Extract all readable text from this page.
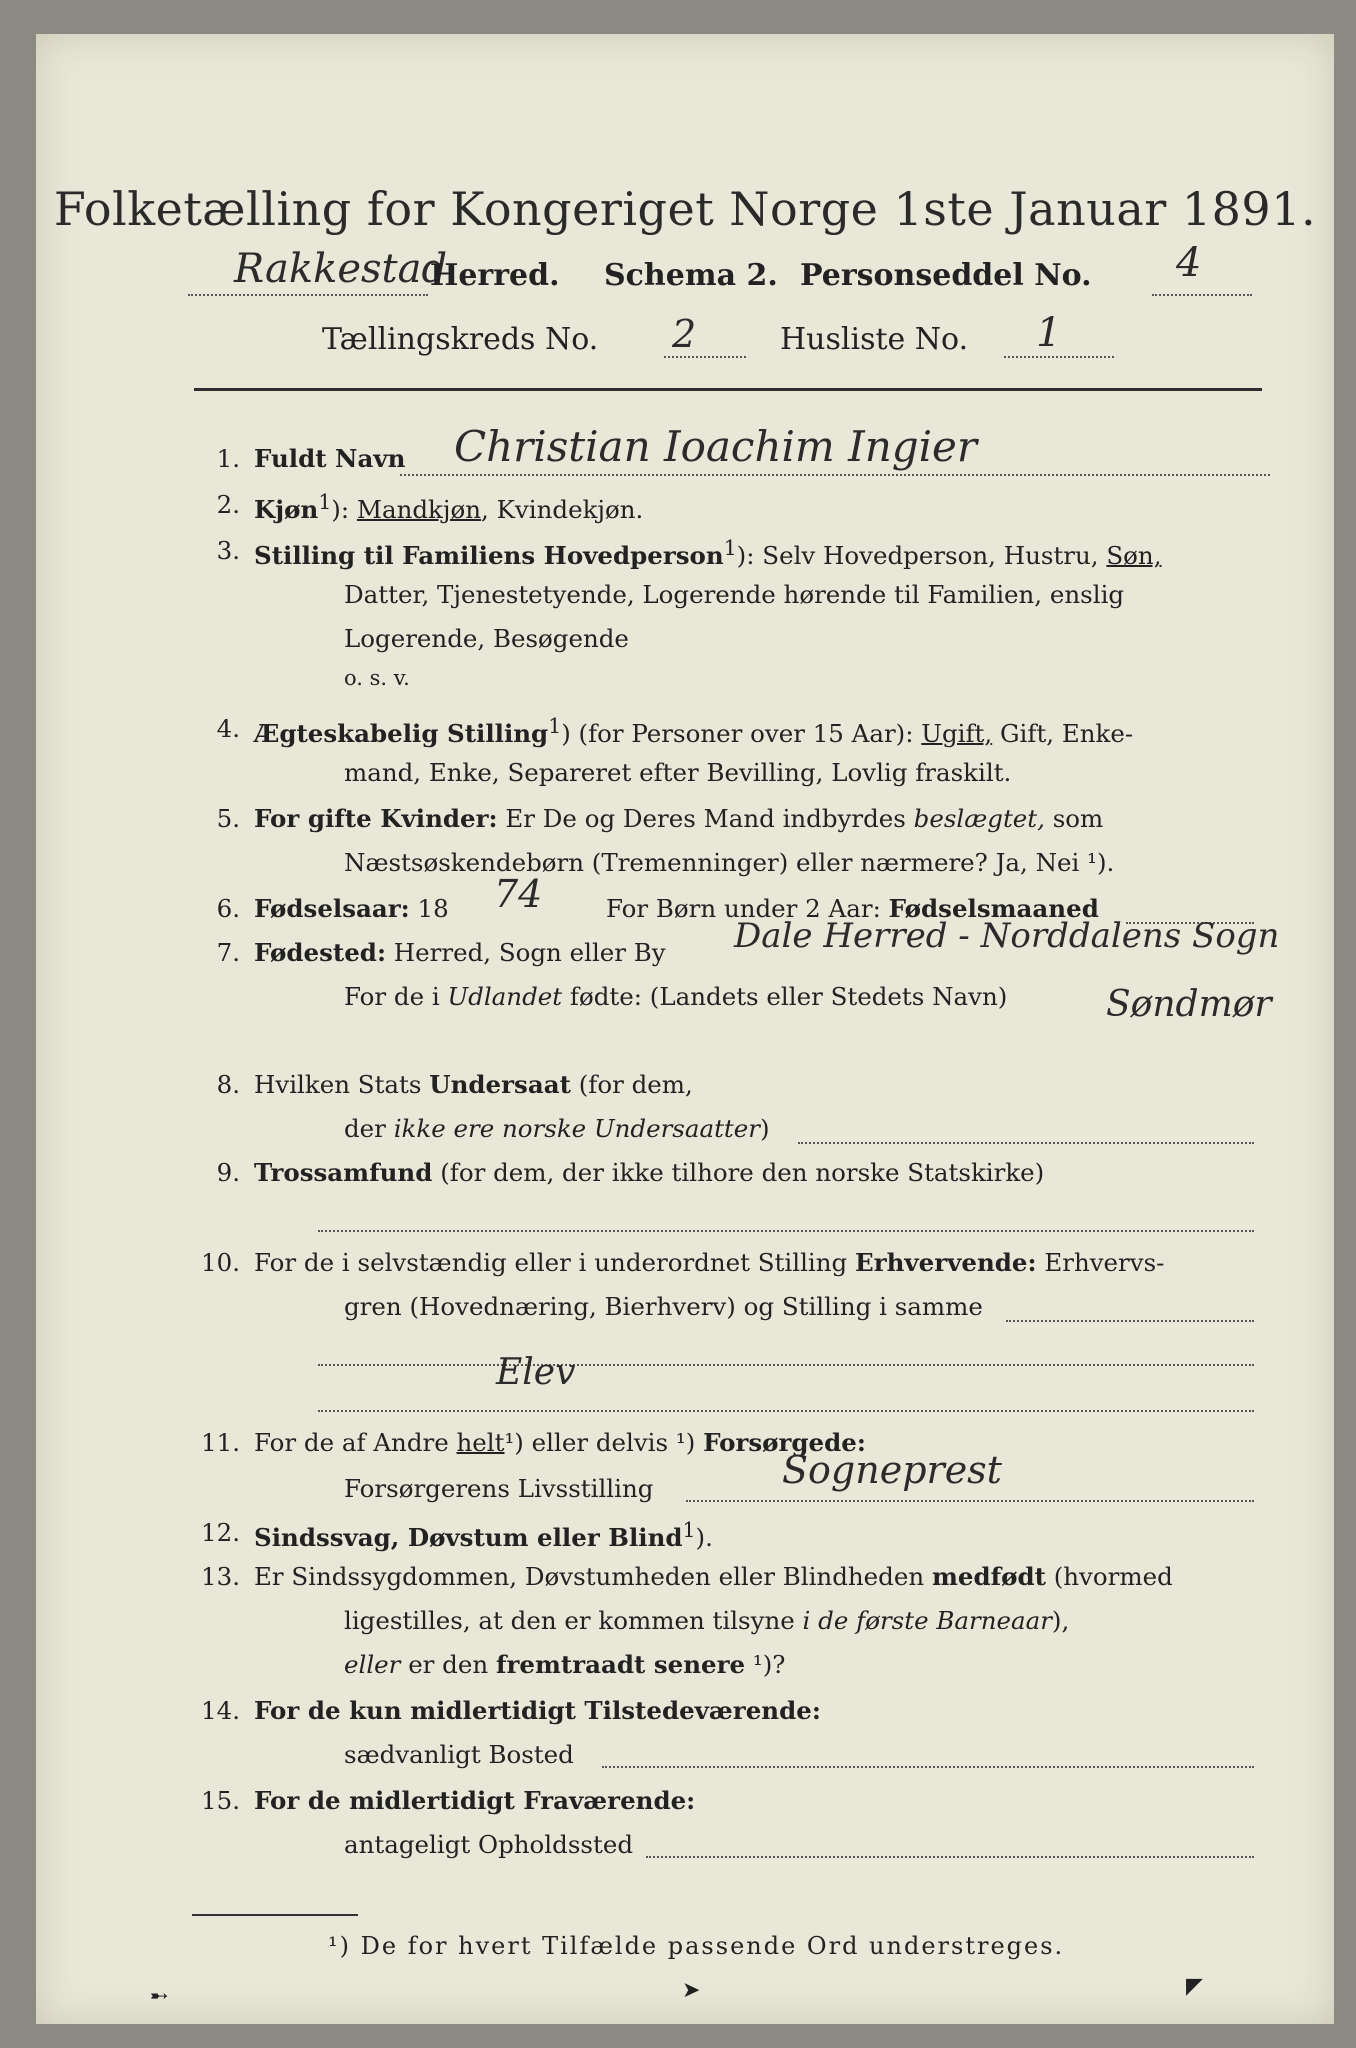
Folketælling for Kongeriget Norge 1ste Januar 1891.
Rakkestad
Herred. Schema 2. Personseddel No. 4
Tællingskreds No. 2	Husliste No. 1
1. Fuldt Navn Christian Ioachim Ingier
2. Kjøn$^1$): Mandkjøn, Kvindekjøn.
3. Stilling til Familiens Hovedperson$^1$): Selv Hovedperson, Hustru, Søn,
Datter, Tjenestetyende, Logerende hørende til Familien, enslig
Logerende, Besøgende
o. s. v.
4. Ægteskabelig Stilling$^1$) (for Personer over 15 Aar): Ugift, Gift, Enke-
mand, Enke, Separeret efter Bevilling, Lovlig fraskilt.
5. For gifte Kvinder: Er De og Deres Mand indbyrdes beslægtet, som
Næstsøskendebørn (Tremenninger) eller nærmere? Ja, Nei ¹).
6. Fødselsaar: 18 74	For Børn under 2 Aar: Fødselsmaaned
7. Fødested: Herred, Sogn eller By Dale Herred - Norddalens Sogn
For de i Udlandet fødte: (Landets eller Stedets Navn)	Søndmør
8. Hvilken Stats Undersaat (for dem,
der ikke ere norske Undersaatter)
9. Trossamfund (for dem, der ikke tilhore den norske Statskirke)
10. For de i selvstændig eller i underordnet Stilling Erhvervende: Erhvervs-
gren (Hovednæring, Bierhverv) og Stilling i samme
Elev
11. For de af Andre helt¹) eller delvis ¹) Forsørgede:
Forsørgerens Livsstilling	Sogneprest
12. Sindssvag, Døvstum eller Blind$^1$).
13. Er Sindssygdommen, Døvstumheden eller Blindheden medfødt (hvormed
ligestilles, at den er kommen tilsyne i de første Barneaar),
eller er den fremtraadt senere ¹)?
14. For de kun midlertidigt Tilstedeværende:
sædvanligt Bosted
15. For de midlertidigt Fraværende:
antageligt Opholdssted
¹) De for hvert Tilfælde passende Ord understreges.
➸	➤	◤
